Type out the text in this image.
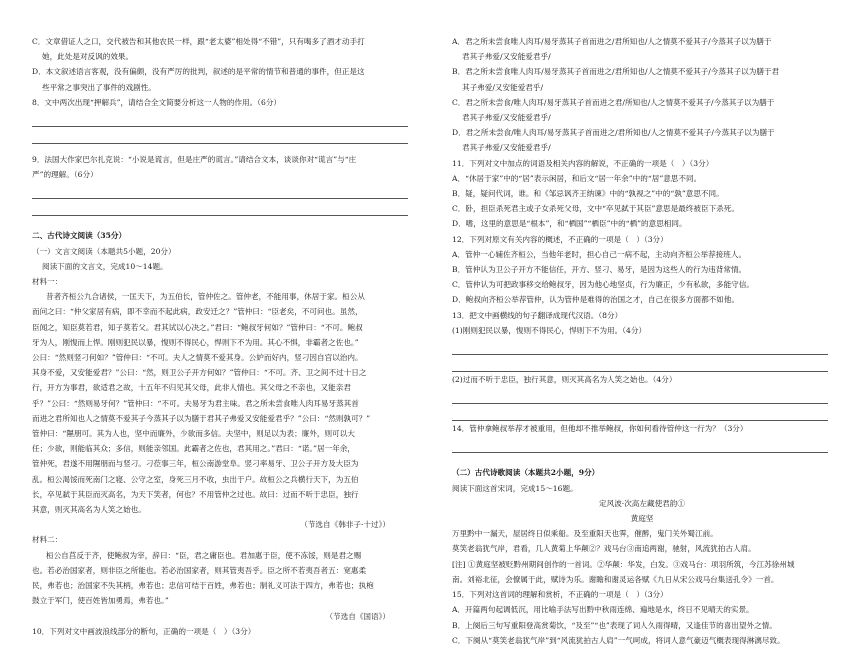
C．文章借证人之口，交代被告和其他农民一样，跟“老太婆”相处得“不错”，只有喝多了酒才动手打
她，此处是对反讽的效果。
D．本文叙述语言客观，没有偏颇，没有严厉的批判，叙述的是平常的情节和普通的事件，但正是这
些平常之事突出了事件的戏剧性。
8．文中两次出现“押解兵”，请结合全文简要分析这一人物的作用。（6分）
9．法国大作家巴尔扎克说：“小说是谎言，但是庄严的谎言。”请结合文本，谈谈你对“谎言”与“庄
严”的理解。（6分）
二、古代诗文阅读（35分）
（一）文言文阅读（本题共5小题，20分）
阅读下面的文言文，完成10～14题。
材料一：
昔者齐桓公九合诸侯，一匡天下，为五伯长，管仲佐之。管仲老，不能用事，休居于家。桓公从
而问之曰：“仲父家居有病，即不幸而不起此病，政安迁之？”管仲曰：“臣老矣，不可问也。虽然，
臣闻之，知臣莫若君，知子莫若父。君其试以心决之。”君曰：“鲍叔牙何如？”管仲曰：“不可。鲍叔
牙为人，刚愎而上悍。刚则犯民以暴，愎则不得民心，悍则下不为用。其心不惧，非霸者之佐也。”
公曰：“然则竖刁何如？”管仲曰：“不可。夫人之情莫不爱其身。公妒而好内，竖刁因自宫以治内。
其身不爱，又安能爱君？”公曰：“然，则卫公子开方何如？”管仲曰：“不可。齐、卫之间不过十日之
行，开方为事君，欲适君之故，十五年不归见其父母，此非人情也。其父母之不亲也，又能亲君
乎？”公曰：“然则易牙何？”管仲曰：“不可。夫易牙为君主味。君之所未尝食唯人肉耳易牙蒸其首
而进之君所知也人之情莫不爱其子今蒸其子以为膳于君其子弗爱又安能爱君乎？”公曰：“然则孰可？”
管仲曰：“隰朋可。其为人也，坚中而廉外，少欲而多信。夫坚中，则足以为表；廉外，则可以大
任；少欲，则能临其众；多信，则能亲邻国。此霸者之佐也，君其用之。”君曰：“诺。”居一年余，
管仲死，君遂不用隰朋而与竖刁。刁莅事三年，桓公南游堂阜。竖刁率易牙、卫公子开方及大臣为
乱。桓公渴馁而死南门之寝、公守之室，身死三月不收，虫出于户。故桓公之兵横行天下，为五伯
长，卒见弑于其臣而灭高名，为天下笑者，何也？不用管仲之过也。故曰：过而不听于忠臣，独行
其意，则灭其高名为人笑之始也。
（节选自《韩非子·十过》）
材料二：
桓公自莒反于齐，使鲍叔为宰，辞曰：“臣，君之庸臣也。君加惠于臣，使不冻馁，则是君之赐
也。若必治国家者，则非臣之所能也。若必治国家者，则其管夷吾乎。臣之所不若夷吾者五：宽惠柔
民，弗若也；治国家不失其柄，弗若也；忠信可结于百姓，弗若也；制礼义可法于四方，弗若也；执枹
鼓立于军门，使百姓皆加勇焉，弗若也。”
（节选自《国语》）
10．下列对文中画波浪线部分的断句，正确的一项是（　）（3分）
A．君之所未尝食唯人肉耳/易牙蒸其子首而进之/君所知也/人之情莫不爱其子/今蒸其子以为膳于
君其子弗爱/又安能爱君乎/
B．君之所未尝食唯人肉耳/易牙蒸其子首而进之/君所知也/人之情莫不爱其子/今蒸其子以为膳于君
其子弗爱/又安能爱君乎/
C．君之所未尝食/唯人肉耳/易牙蒸其子首而进之君/所知也/人之情莫不爱其子/今蒸其子以为膳于
君其子弗爱/又安能爱君乎/
D．君之所未尝食/唯人肉耳/易牙蒸其子首而进之/君所知也/人之情莫不爱其子/今蒸其子以为膳于
君其子弗爱/又安能爱君乎/
11．下列对文中加点的词语及相关内容的解说，不正确的一项是（　）（3分）
A．“休居于家”中的“居”表示闲居，和后文“居一年余”中的“居”意思不同。
B．疑，疑问代词，谁。和《邹忌讽齐王纳谏》中的“孰视之”中的“孰”意思不同。
C．卧，担臣杀死君主或子女杀死父母，文中“卒见弑于其臣”意思是最终被臣下杀死。
D．嗜，这里的意思是“根本”，和“栖国”“栖臣”中的“栖”的意思相同。
12．下列对原文有关内容的概述，不正确的一项是（　）（3分）
A．管仲一心辅佐齐桓公，当他年老时，担心自己一病不起，主动向齐桓公举荐接班人。
B．管仲认为卫公子开方不能信任，开方、竖刁、易牙，是因为这些人的行为违背常情。
C．管仲认为可把政事移交给鲍叔牙，因为他心地坚贞，行为廉正，少有私欲，多能守信。
D．鲍叔向齐桓公举荐管仲，认为管仲是难得的治国之才，自己在很多方面都不如他。
13．把文中画横线的句子翻译成现代汉语。（8分）
(1)刚则犯民以暴，愎则不得民心，悍则下不为用。（4分）
(2)过而不听于忠臣，独行其意，则灭其高名为人笑之始也。（4分）
14．管仲拿鲍叔举荐才被重用，但他却不推举鲍叔，你如何看待管仲这一行为？（3分）
（二）古代诗歌阅读（本题共2小题，9分）
阅读下面这首宋词，完成15～16题。
定风波·次高左藏使君韵①
黄庭坚
万里黔中一漏天，屋居终日似乘船。及至重阳天也霁，催醉，鬼门关外蜀江前。
莫笑老翁犹气岸，君看，几人黄菊上华颠②？戏马台③南追两谢，驰射，风流犹拍古人肩。
[注] ①黄庭坚被贬黔州期间创作的一首词。②华颠：华发，白发。③戏马台：项羽所筑，今江苏徐州城
南。刘裕北征，会僚属于此，赋诗为乐。谢瞻和谢灵运各赋《九日从宋公戏马台集送孔令》一首。
15．下列对这首词的理解和赏析，不正确的一项是（　）（3分）
A．开篇两句起调低沉，用比喻手法写出黔中秋雨连绵、遍地是水，终日不见晴天的实景。
B．上阕后三句写重阳登高赏菊饮，“及至”“也”表现了词人久雨得晴，又逢佳节的喜出望外之情。
C．下阕从“莫笑老翁犹气岸”到“风流犹拍古人肩”一气呵成，将词人意气豪迈气概表现得淋漓尽致。
